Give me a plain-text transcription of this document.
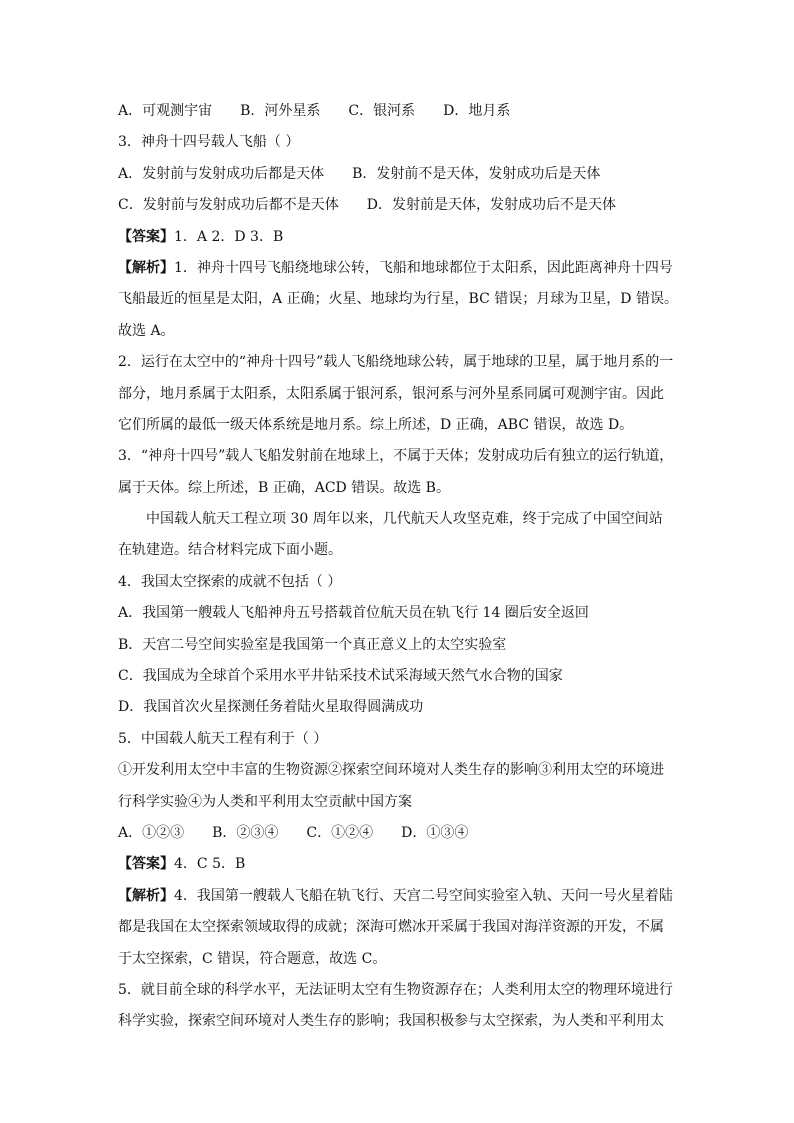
A．可观测宇宙 B．河外星系 C．银河系 D．地月系
3．神舟十四号载人飞船（ ）
A．发射前与发射成功后都是天体 B．发射前不是天体，发射成功后是天体
C．发射前与发射成功后都不是天体 D．发射前是天体，发射成功后不是天体
【答案】1．A 2．D 3．B
【解析】1．神舟十四号飞船绕地球公转，飞船和地球都位于太阳系，因此距离神舟十四号
飞船最近的恒星是太阳，A 正确；火星、地球均为行星，BC 错误；月球为卫星，D 错误。
故选 A。
2．运行在太空中的“神舟十四号”载人飞船绕地球公转，属于地球的卫星，属于地月系的一
部分，地月系属于太阳系，太阳系属于银河系，银河系与河外星系同属可观测宇宙。因此
它们所属的最低一级天体系统是地月系。综上所述，D 正确，ABC 错误，故选 D。
3．“神舟十四号”载人飞船发射前在地球上，不属于天体；发射成功后有独立的运行轨道，
属于天体。综上所述，B 正确，ACD 错误。故选 B。
中国载人航天工程立项 30 周年以来，几代航天人攻坚克难，终于完成了中国空间站
在轨建造。结合材料完成下面小题。
4．我国太空探索的成就不包括（ ）
A．我国第一艘载人飞船神舟五号搭载首位航天员在轨飞行 14 圈后安全返回
B．天宫二号空间实验室是我国第一个真正意义上的太空实验室
C．我国成为全球首个采用水平井钻采技术试采海域天然气水合物的国家
D．我国首次火星探测任务着陆火星取得圆满成功
5．中国载人航天工程有利于（ ）
①开发利用太空中丰富的生物资源②探索空间环境对人类生存的影响③利用太空的环境进
行科学实验④为人类和平利用太空贡献中国方案
A．①②③ B．②③④ C．①②④ D．①③④
【答案】4．C 5．B
【解析】4．我国第一艘载人飞船在轨飞行、天宫二号空间实验室入轨、天问一号火星着陆
都是我国在太空探索领域取得的成就；深海可燃冰开采属于我国对海洋资源的开发，不属
于太空探索，C 错误，符合题意，故选 C。
5．就目前全球的科学水平，无法证明太空有生物资源存在；人类利用太空的物理环境进行
科学实验，探索空间环境对人类生存的影响；我国积极参与太空探索，为人类和平利用太
